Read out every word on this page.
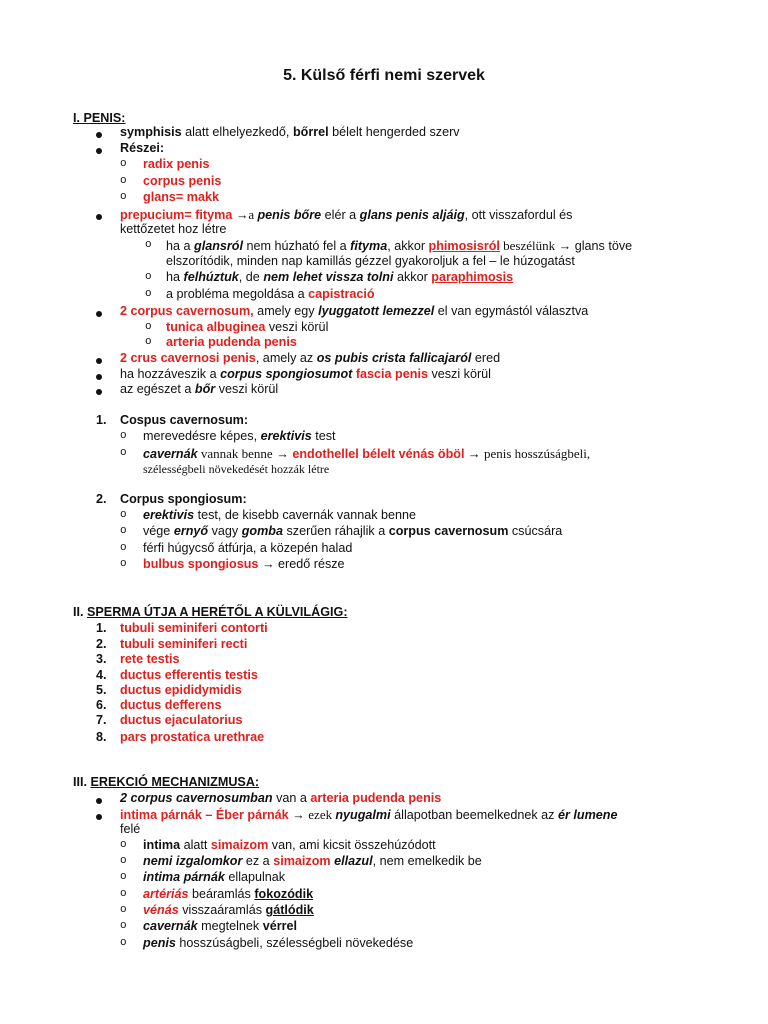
5. Külső férfi nemi szervek
I. PENIS:
symphisis alatt elhelyezkedő, bőrrel bélelt hengerded szerv
Részei:
o radix penis
o corpus penis
o glans= makk
prepucium= fityma →a penis bőre elér a glans penis aljáig, ott visszafordul és
kettőzetet hoz létre
o ha a glansról nem húzható fel a fityma, akkor phimosisról beszélünk → glans töve
elszorítódik, minden nap kamillás gézzel gyakoroljuk a fel – le húzogatást
o ha felhúztuk, de nem lehet vissza tolni akkor paraphimosis
o a probléma megoldása a capistració
2 corpus cavernosum, amely egy lyuggatott lemezzel el van egymástól választva
o tunica albuginea veszi körül
o arteria pudenda penis
2 crus cavernosi penis, amely az os pubis crista fallicajaról ered
ha hozzáveszik a corpus spongiosumot fascia penis veszi körül
az egészet a bőr veszi körül
1. Cospus cavernosum:
o merevedésre képes, erektivis test
o cavernák vannak benne → endothellel bélelt vénás öböl → penis hosszúságbeli,
szélességbeli növekedését hozzák létre
2. Corpus spongiosum:
o erektivis test, de kisebb cavernák vannak benne
o vége ernyő vagy gomba szerűen ráhajlik a corpus cavernosum csúcsára
o férfi húgycső átfúrja, a közepén halad
o bulbus spongiosus → eredő része
II. SPERMA ÚTJA A HERÉTŐL A KÜLVILÁGIG:
1. tubuli seminiferi contorti
2. tubuli seminiferi recti
3. rete testis
4. ductus efferentis testis
5. ductus epididymidis
6. ductus defferens
7. ductus ejaculatorius
8. pars prostatica urethrae
III. EREKCIÓ MECHANIZMUSA:
2 corpus cavernosumban van a arteria pudenda penis
intima párnák – Éber párnák → ezek nyugalmi állapotban beemelkednek az ér lumene
felé
o intima alatt simaizom van, ami kicsit összehúzódott
o nemi izgalomkor ez a simaizom ellazul, nem emelkedik be
o intima párnák ellapulnak
o artériás beáramlás fokozódik
o vénás visszaáramlás gátlódik
o cavernák megtelnek vérrel
o penis hosszúságbeli, szélességbeli növekedése
